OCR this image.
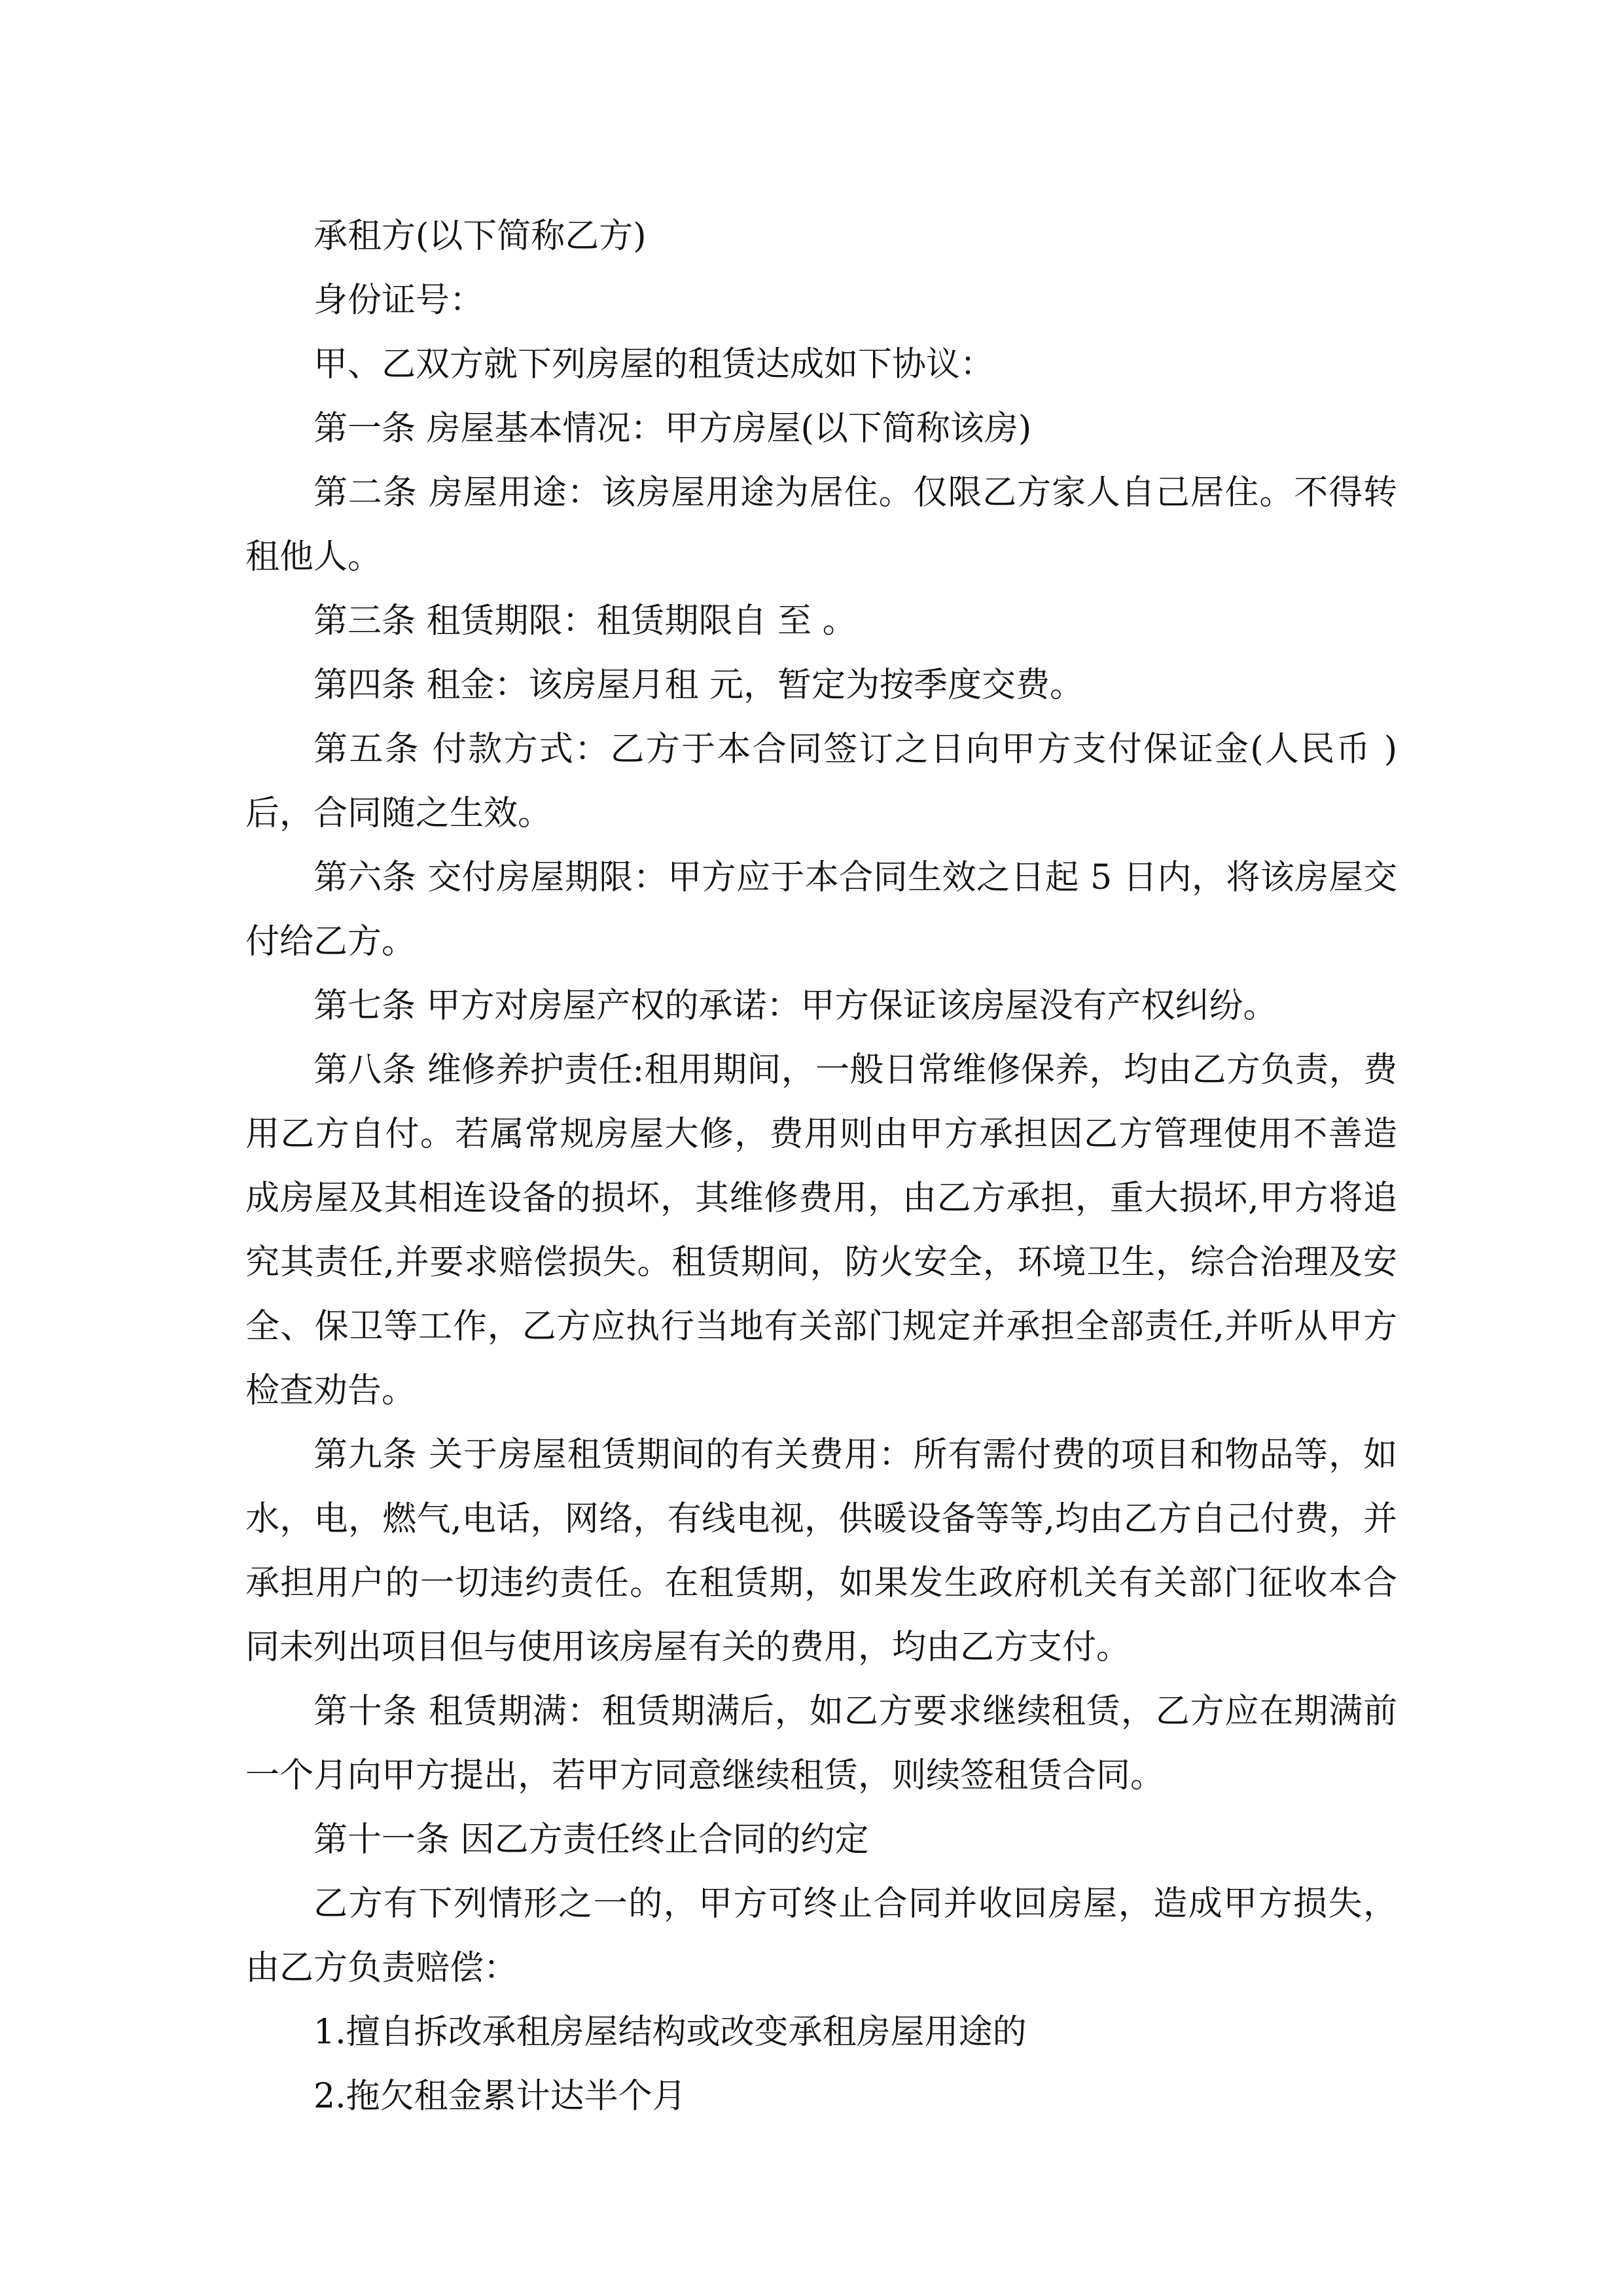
承租方(以下简称乙方)

身份证号：

甲、乙双方就下列房屋的租赁达成如下协议：

第一条 房屋基本情况：甲方房屋(以下简称该房)

第二条 房屋用途：该房屋用途为居住。仅限乙方家人自己居住。不得转租他人。

第三条 租赁期限：租赁期限自 至 。

第四条 租金：该房屋月租 元，暂定为按季度交费。

第五条 付款方式：乙方于本合同签订之日向甲方支付保证金(人民币 )后，合同随之生效。

第六条 交付房屋期限：甲方应于本合同生效之日起 5 日内，将该房屋交付给乙方。

第七条 甲方对房屋产权的承诺：甲方保证该房屋没有产权纠纷。

第八条 维修养护责任:租用期间，一般日常维修保养，均由乙方负责，费用乙方自付。若属常规房屋大修，费用则由甲方承担因乙方管理使用不善造成房屋及其相连设备的损坏，其维修费用，由乙方承担，重大损坏,甲方将追究其责任,并要求赔偿损失。租赁期间，防火安全，环境卫生，综合治理及安全、保卫等工作，乙方应执行当地有关部门规定并承担全部责任,并听从甲方检查劝告。

第九条 关于房屋租赁期间的有关费用：所有需付费的项目和物品等，如水，电，燃气,电话，网络，有线电视，供暖设备等等,均由乙方自己付费，并承担用户的一切违约责任。在租赁期，如果发生政府机关有关部门征收本合同未列出项目但与使用该房屋有关的费用，均由乙方支付。

第十条 租赁期满：租赁期满后，如乙方要求继续租赁，乙方应在期满前一个月向甲方提出，若甲方同意继续租赁，则续签租赁合同。

第十一条 因乙方责任终止合同的约定

乙方有下列情形之一的，甲方可终止合同并收回房屋，造成甲方损失，由乙方负责赔偿：

1.擅自拆改承租房屋结构或改变承租房屋用途的

2.拖欠租金累计达半个月
